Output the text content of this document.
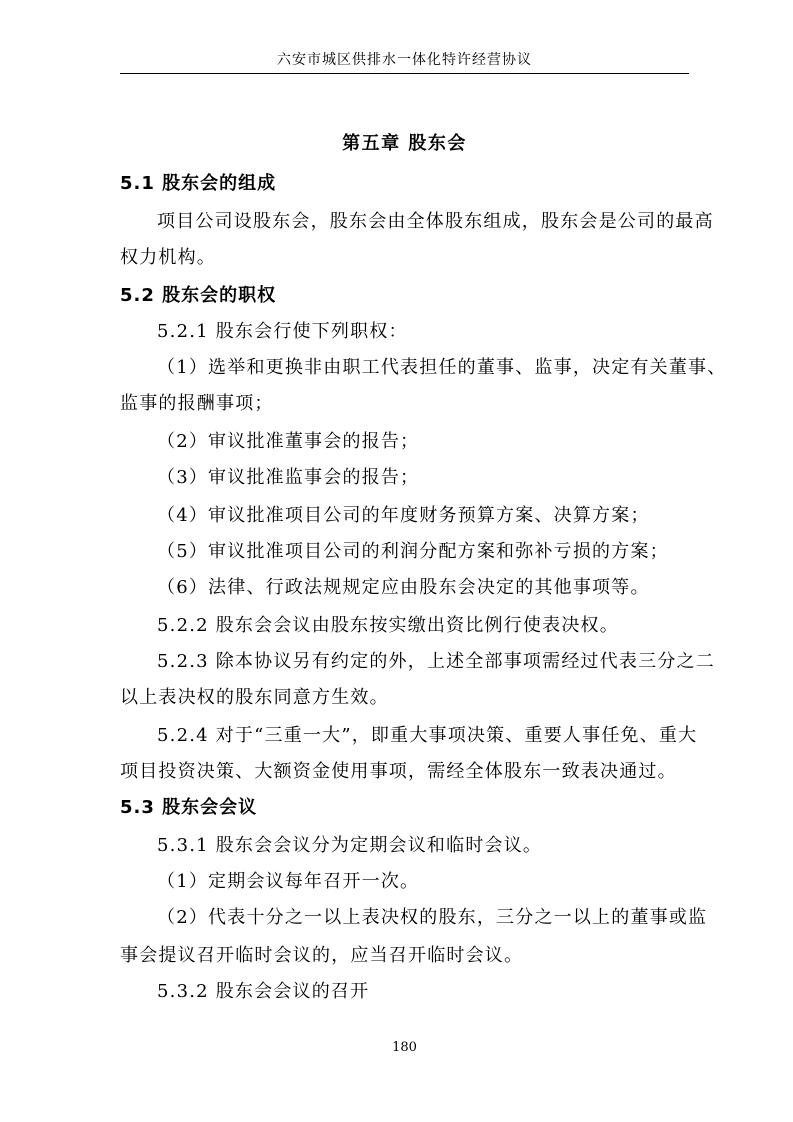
六安市城区供排水一体化特许经营协议
第五章 股东会
5.1 股东会的组成
项目公司设股东会，股东会由全体股东组成，股东会是公司的最高
权力机构。
5.2 股东会的职权
5.2.1 股东会行使下列职权：
（1）选举和更换非由职工代表担任的董事、监事，决定有关董事、
监事的报酬事项；
（2）审议批准董事会的报告；
（3）审议批准监事会的报告；
（4）审议批准项目公司的年度财务预算方案、决算方案；
（5）审议批准项目公司的利润分配方案和弥补亏损的方案；
（6）法律、行政法规规定应由股东会决定的其他事项等。
5.2.2 股东会会议由股东按实缴出资比例行使表决权。
5.2.3 除本协议另有约定的外，上述全部事项需经过代表三分之二
以上表决权的股东同意方生效。
5.2.4 对于“三重一大”，即重大事项决策、重要人事任免、重大
项目投资决策、大额资金使用事项，需经全体股东一致表决通过。
5.3 股东会会议
5.3.1 股东会会议分为定期会议和临时会议。
（1）定期会议每年召开一次。
（2）代表十分之一以上表决权的股东，三分之一以上的董事或监
事会提议召开临时会议的，应当召开临时会议。
5.3.2 股东会会议的召开
180
